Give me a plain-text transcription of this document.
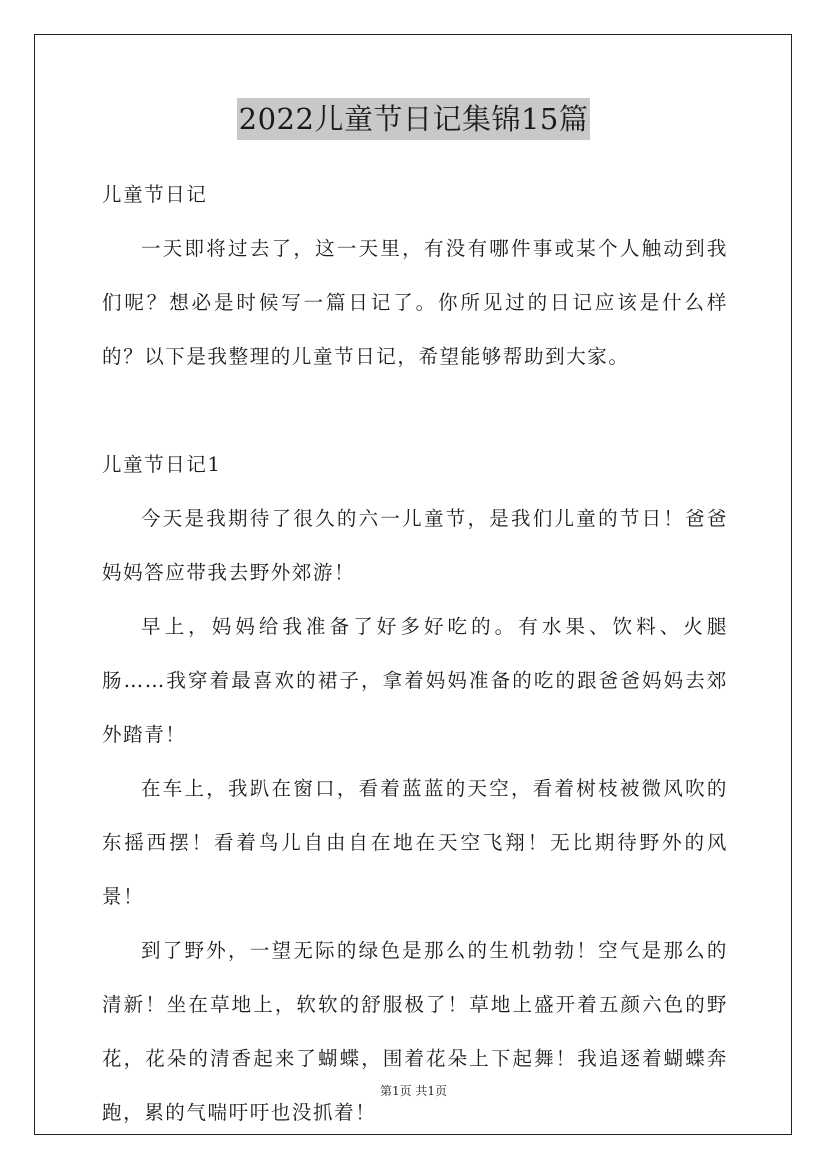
2022儿童节日记集锦15篇

儿童节日记

一天即将过去了，这一天里，有没有哪件事或某个人触动到我们呢？想必是时候写一篇日记了。你所见过的日记应该是什么样的？以下是我整理的儿童节日记，希望能够帮助到大家。

儿童节日记1

今天是我期待了很久的六一儿童节，是我们儿童的节日！爸爸妈妈答应带我去野外郊游！

早上，妈妈给我准备了好多好吃的。有水果、饮料、火腿肠……我穿着最喜欢的裙子，拿着妈妈准备的吃的跟爸爸妈妈去郊外踏青！

在车上，我趴在窗口，看着蓝蓝的天空，看着树枝被微风吹的东摇西摆！看着鸟儿自由自在地在天空飞翔！无比期待野外的风景！

到了野外，一望无际的绿色是那么的生机勃勃！空气是那么的清新！坐在草地上，软软的舒服极了！草地上盛开着五颜六色的野花，花朵的清香起来了蝴蝶，围着花朵上下起舞！我追逐着蝴蝶奔跑，累的气喘吁吁也没抓着！

第1页 共1页
